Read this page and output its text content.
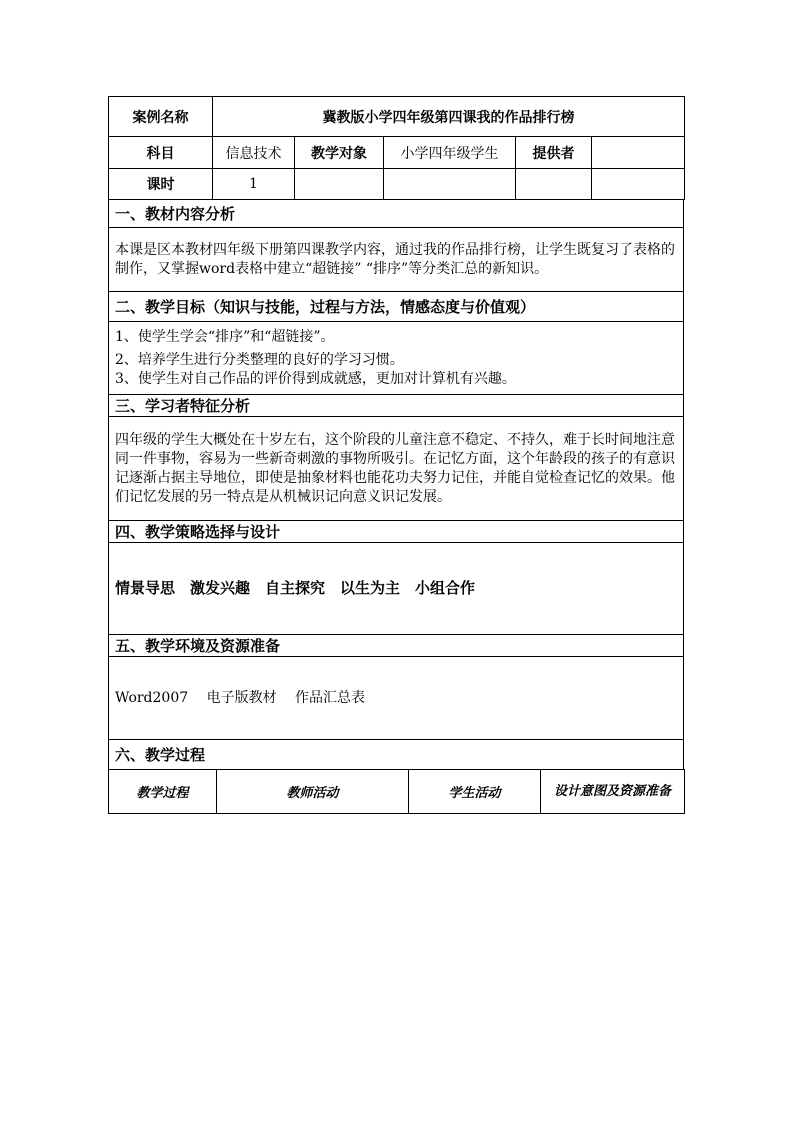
案例名称	冀教版小学四年级第四课我的作品排行榜				
科目	信息技术	教学对象	小学四年级学生	提供者	
课时	1				
一、教材内容分析
本课是区本教材四年级下册第四课教学内容，通过我的作品排行榜，让学生既复习了表格的制作，又掌握word表格中建立“超链接” “排序”等分类汇总的新知识。
二、教学目标（知识与技能，过程与方法，情感态度与价值观）

1、使学生学会“排序”和“超链接”。
2、培养学生进行分类整理的良好的学习习惯。
3、使学生对自己作品的评价得到成就感，更加对计算机有兴趣。

三、学习者特征分析
四年级的学生大概处在十岁左右，这个阶段的儿童注意不稳定、不持久，难于长时间地注意同一件事物，容易为一些新奇刺激的事物所吸引。在记忆方面，这个年龄段的孩子的有意识记逐渐占据主导地位，即使是抽象材料也能花功夫努力记住，并能自觉检查记忆的效果。他们记忆发展的另一特点是从机械识记向意义识记发展。
四、教学策略选择与设计
情景导思　激发兴趣　自主探究　以生为主　小组合作
五、教学环境及资源准备
Word2007　 电子版教材　 作品汇总表
六、教学过程
教学过程	教师活动	学生活动	设计意图及资源准备
